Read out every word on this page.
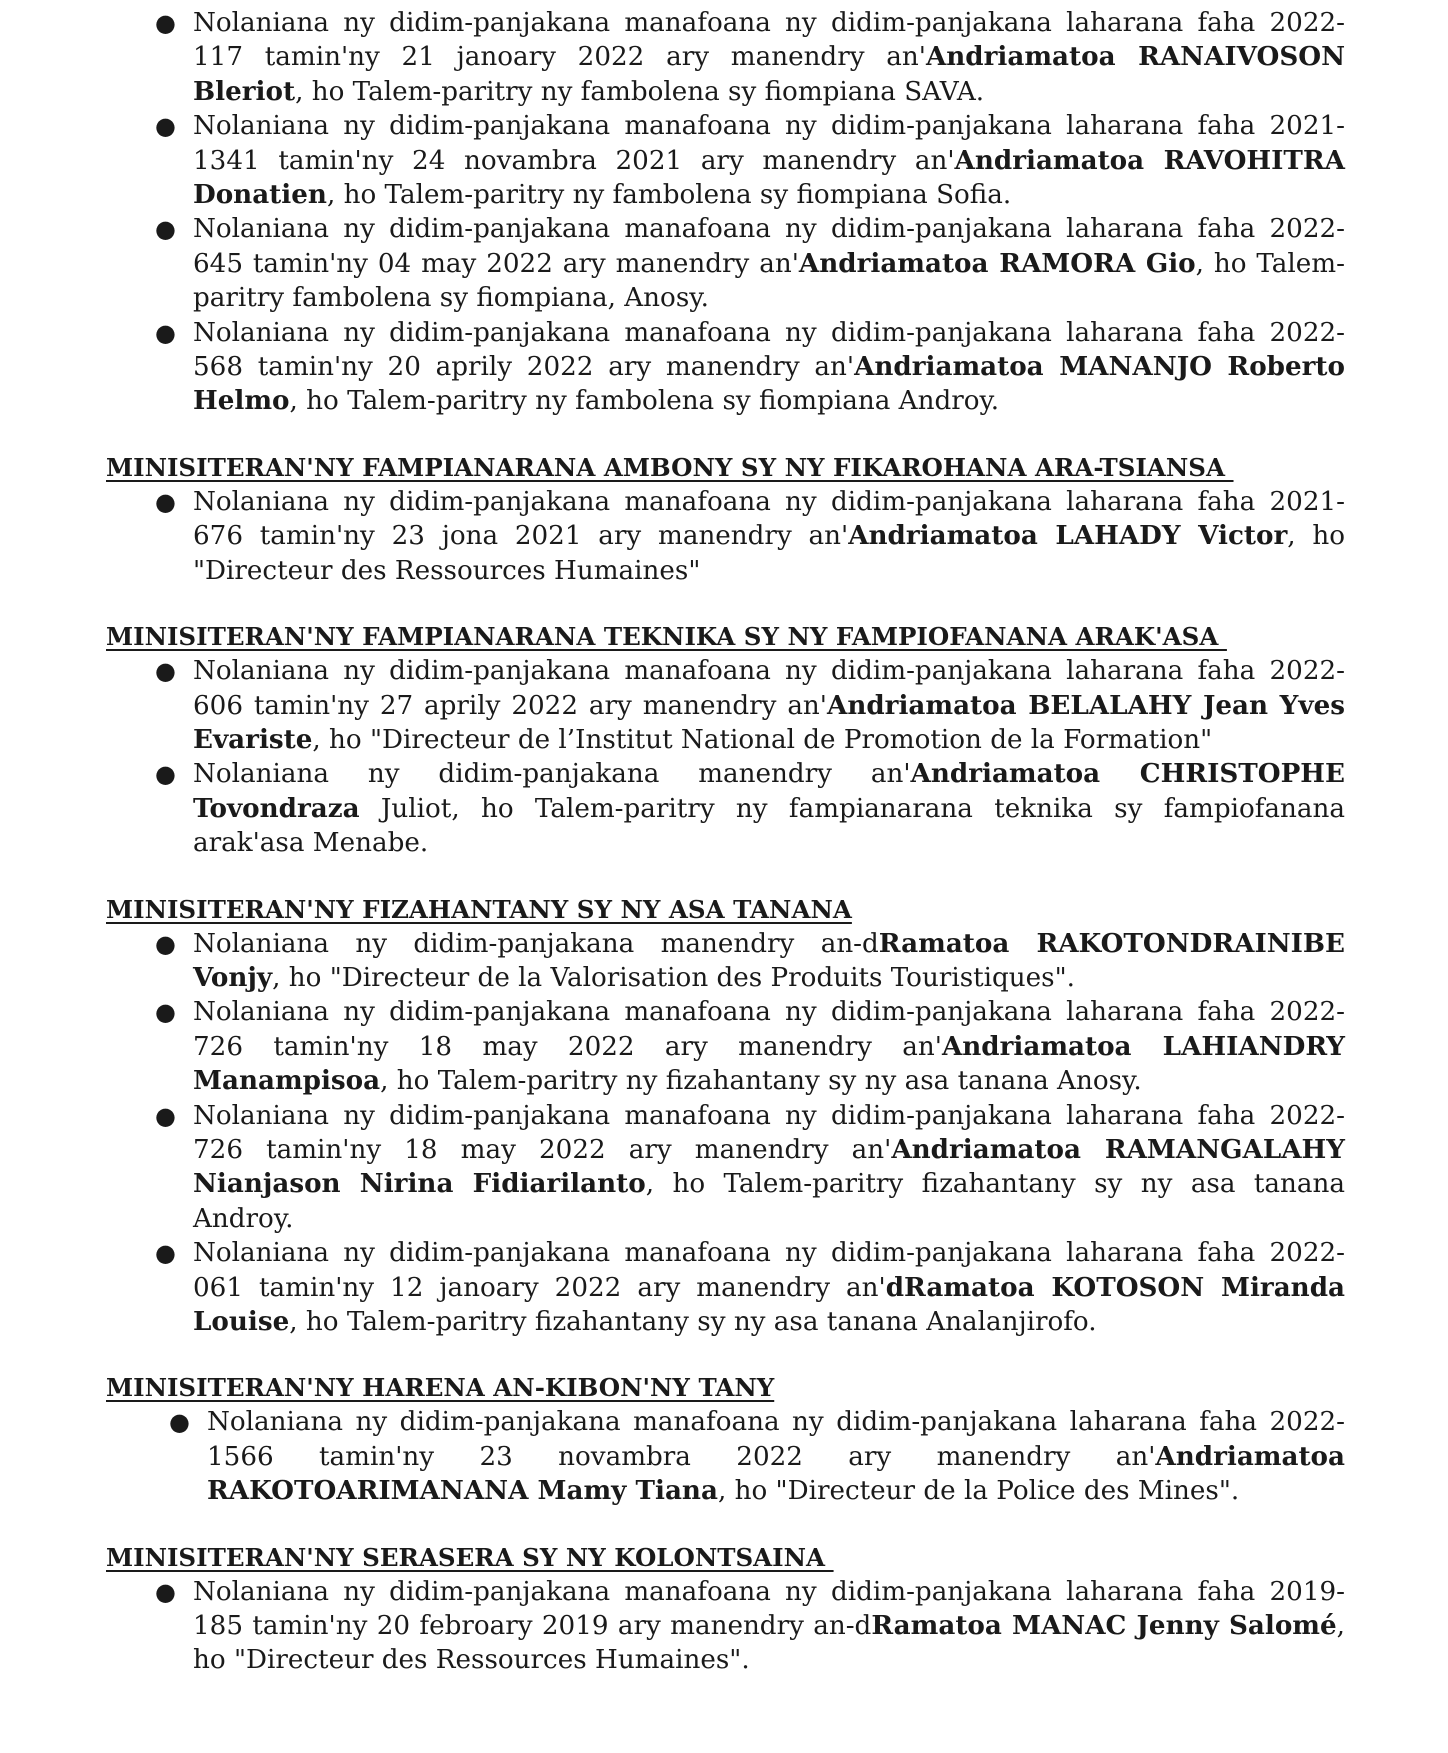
● Nolaniana ny didim-panjakana manafoana ny didim-panjakana laharana faha 2022-117 tamin'ny 21 janoary 2022 ary manendry an'Andriamatoa RANAIVOSON Bleriot, ho Talem-paritry ny fambolena sy fiompiana SAVA.
● Nolaniana ny didim-panjakana manafoana ny didim-panjakana laharana faha 2021-1341 tamin'ny 24 novambra 2021 ary manendry an'Andriamatoa RAVOHITRA Donatien, ho Talem-paritry ny fambolena sy fiompiana Sofia.
● Nolaniana ny didim-panjakana manafoana ny didim-panjakana laharana faha 2022-645 tamin'ny 04 may 2022 ary manendry an'Andriamatoa RAMORA Gio, ho Talem-paritry fambolena sy fiompiana, Anosy.
● Nolaniana ny didim-panjakana manafoana ny didim-panjakana laharana faha 2022-568 tamin'ny 20 aprily 2022 ary manendry an'Andriamatoa MANANJO Roberto Helmo, ho Talem-paritry ny fambolena sy fiompiana Androy.
MINISITERAN'NY FAMPIANARANA AMBONY SY NY FIKAROHANA ARA-TSIANSA
● Nolaniana ny didim-panjakana manafoana ny didim-panjakana laharana faha 2021-676 tamin'ny 23 jona 2021 ary manendry an'Andriamatoa LAHADY Victor, ho "Directeur des Ressources Humaines"
MINISITERAN'NY FAMPIANARANA TEKNIKA SY NY FAMPIOFANANA ARAK'ASA
● Nolaniana ny didim-panjakana manafoana ny didim-panjakana laharana faha 2022-606 tamin'ny 27 aprily 2022 ary manendry an'Andriamatoa BELALAHY Jean Yves Evariste, ho "Directeur de l’Institut National de Promotion de la Formation"
● Nolaniana ny didim-panjakana manendry an'Andriamatoa CHRISTOPHE Tovondraza Juliot, ho Talem-paritry ny fampianarana teknika sy fampiofanana arak'asa Menabe.
MINISITERAN'NY FIZAHANTANY SY NY ASA TANANA
● Nolaniana ny didim-panjakana manendry an-dRamatoa RAKOTONDRAINIBE Vonjy, ho "Directeur de la Valorisation des Produits Touristiques".
● Nolaniana ny didim-panjakana manafoana ny didim-panjakana laharana faha 2022-726 tamin'ny 18 may 2022 ary manendry an'Andriamatoa LAHIANDRY Manampisoa, ho Talem-paritry ny fizahantany sy ny asa tanana Anosy.
● Nolaniana ny didim-panjakana manafoana ny didim-panjakana laharana faha 2022-726 tamin'ny 18 may 2022 ary manendry an'Andriamatoa RAMANGALAHY Nianjason Nirina Fidiarilanto, ho Talem-paritry fizahantany sy ny asa tanana Androy.
● Nolaniana ny didim-panjakana manafoana ny didim-panjakana laharana faha 2022-061 tamin'ny 12 janoary 2022 ary manendry an'dRamatoa KOTOSON Miranda Louise, ho Talem-paritry fizahantany sy ny asa tanana Analanjirofo.
MINISITERAN'NY HARENA AN-KIBON'NY TANY
● Nolaniana ny didim-panjakana manafoana ny didim-panjakana laharana faha 2022-1566 tamin'ny 23 novambra 2022 ary manendry an'Andriamatoa RAKOTOARIMANANA Mamy Tiana, ho "Directeur de la Police des Mines".
MINISITERAN'NY SERASERA SY NY KOLONTSAINA
● Nolaniana ny didim-panjakana manafoana ny didim-panjakana laharana faha 2019-185 tamin'ny 20 febroary 2019 ary manendry an-dRamatoa MANAC Jenny Salomé, ho "Directeur des Ressources Humaines".
